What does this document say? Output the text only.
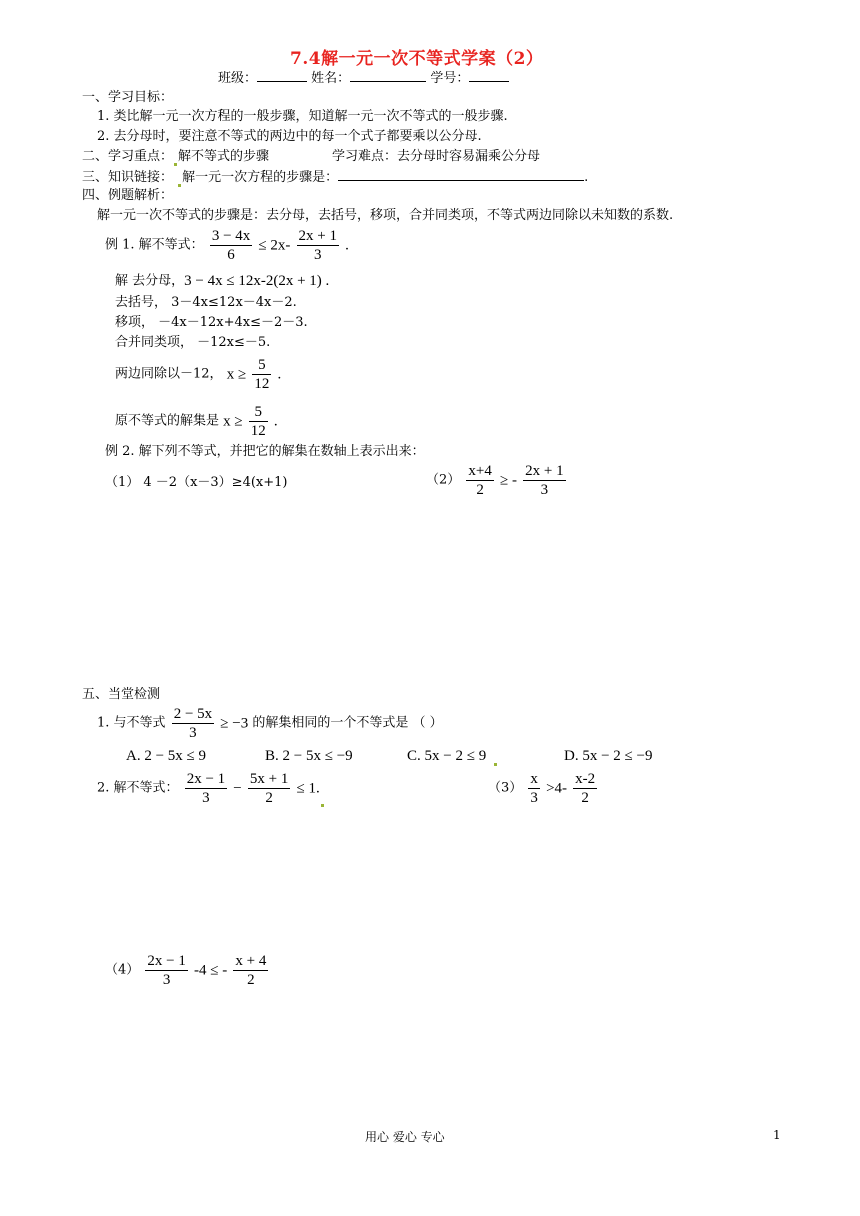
7.4解一元一次不等式学案（2）
班级：	姓名：	学号：
一、学习目标：
1. 类比解一元一次方程的一般步骤，知道解一元一次不等式的一般步骤.
2. 去分母时，要注意不等式的两边中的每一个式子都要乘以公分母.
二、学习重点： 解不等式的步骤	学习难点：去分母时容易漏乘公分母
三、知识链接： 解一元一次方程的步骤是：	.
四、例题解析：
解一元一次不等式的步骤是：去分母，去括号，移项，合并同类项，不等式两边同除以未知数的系数.
例 1. 解不等式： $\frac{3 - 4x}{6} \le 2x- \frac{2x + 1}{3}$ .
解 去分母，3 − 4x ≤ 12x-2(2x + 1) .
去括号， 3－4x≤12x－4x－2.
移项， －4x－12x+4x≤－2－3.
合并同类项， －12x≤－5.
两边同除以－12， $x \ge \frac{5}{12}$ .
原不等式的解集是 $x \ge \frac{5}{12}$ .
例 2. 解下列不等式，并把它的解集在数轴上表示出来：
（1） 4 －2（x－3）≥4(x+1)	$(2) \frac{x+4}{2}$ ≥ - $\frac{2x + 1}{3}$
五、当堂检测
1. 与不等式 $\frac{2 - 5x}{3} \ge -3$ 的解集相同的一个不等式是 （ ）
A. 2 − 5x ≤ 9	B. 2 − 5x ≤ −9	C. 5x − 2 ≤ 9	D. 5x − 2 ≤ −9
2. 解不等式： $\frac{2x - 1}{3} - \frac{5x + 1}{2} \le 1$.	$(3) \frac{x}{3} >4- \frac{x-2}{2}$
$(4) \frac{2x - 1}{3} -4$ ≤ - $\frac{x + 4}{2}$
用心 爱心 专心	1
